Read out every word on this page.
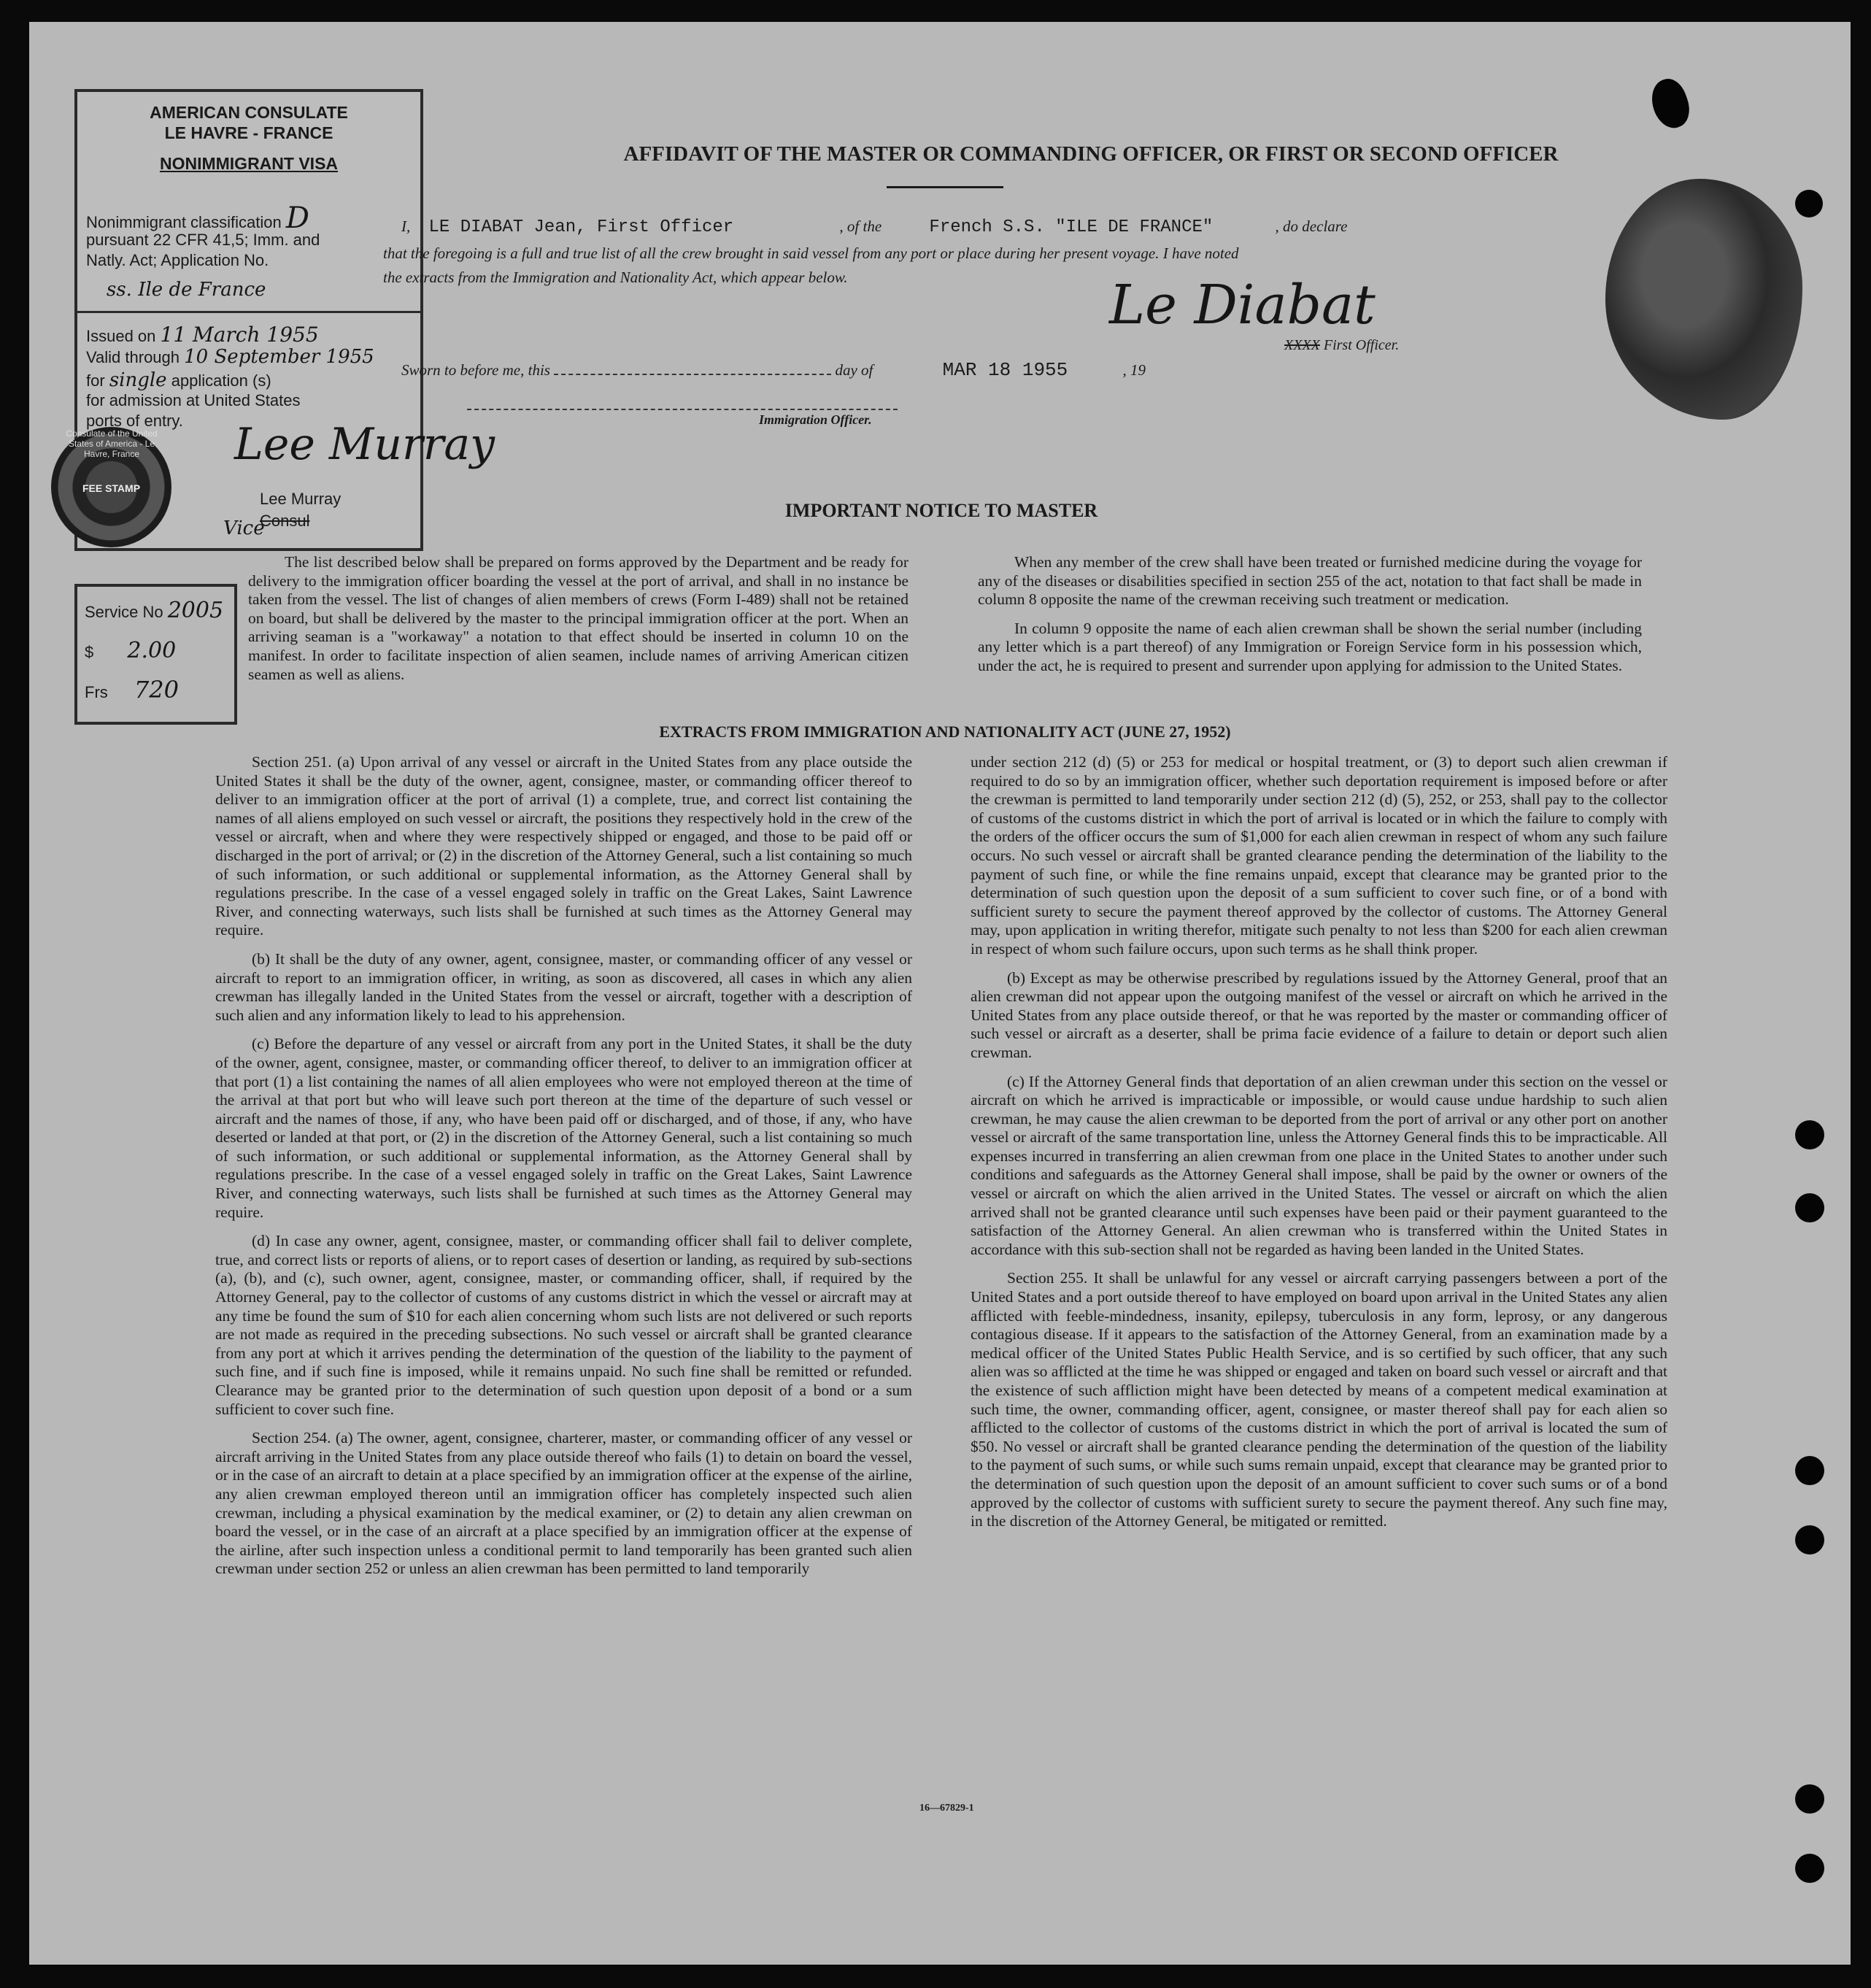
AMERICAN CONSULATE
LE HAVRE - FRANCE
NONIMMIGRANT VISA
Nonimmigrant classification D
pursuant 22 CFR 41,5; Imm. and
Natly. Act; Application No.
ss. Ile de France
Issued on 11 March 1955
Valid through 10 September 1955
for single application (s)
for admission at United States
ports of entry. Lee Murray
Lee Murray
Consul
Vice
Consulate of the United States of America - Le Havre, France
FEE STAMP
Service No 2005
$ 2.00
Frs 720
AFFIDAVIT OF THE MASTER OR COMMANDING OFFICER, OR FIRST OR SECOND OFFICER
I, LE DIABAT Jean, First Officer	, of the	French S.S. "ILE DE FRANCE"	, do declare
that the foregoing is a full and true list of all the crew brought in said vessel from any port or place during her present voyage. I have noted
the extracts from the Immigration and Nationality Act, which appear below.	Le Diabat
XXXX First Officer.
Sworn to before me, this	day of	MAR 18 1955	, 19
Immigration Officer.
IMPORTANT NOTICE TO MASTER

The list described below shall be prepared on forms approved by the Department and be ready for delivery to the immigration officer boarding the vessel at the port of arrival, and shall in no instance be taken from the vessel. The list of changes of alien members of crews (Form I-489) shall not be retained on board, but shall be delivered by the master to the principal immigration officer at the port. When an arriving seaman is a "workaway" a notation to that effect should be inserted in column 10 on the manifest. In order to facilitate inspection of alien seamen, include names of arriving American citizen seamen as well as aliens.

When any member of the crew shall have been treated or furnished medicine during the voyage for any of the diseases or disabilities specified in section 255 of the act, notation to that fact shall be made in column 8 opposite the name of the crewman receiving such treatment or medication.

In column 9 opposite the name of each alien crewman shall be shown the serial number (including any letter which is a part thereof) of any Immigration or Foreign Service form in his possession which, under the act, he is required to present and surrender upon applying for admission to the United States.

EXTRACTS FROM IMMIGRATION AND NATIONALITY ACT (JUNE 27, 1952)

Section 251. (a) Upon arrival of any vessel or aircraft in the United States from any place outside the United States it shall be the duty of the owner, agent, consignee, master, or commanding officer thereof to deliver to an immigration officer at the port of arrival (1) a complete, true, and correct list containing the names of all aliens employed on such vessel or aircraft, the positions they respectively hold in the crew of the vessel or aircraft, when and where they were respectively shipped or engaged, and those to be paid off or discharged in the port of arrival; or (2) in the discretion of the Attorney General, such a list containing so much of such information, or such additional or supplemental information, as the Attorney General shall by regulations prescribe. In the case of a vessel engaged solely in traffic on the Great Lakes, Saint Lawrence River, and connecting waterways, such lists shall be furnished at such times as the Attorney General may require.

(b) It shall be the duty of any owner, agent, consignee, master, or commanding officer of any vessel or aircraft to report to an immigration officer, in writing, as soon as discovered, all cases in which any alien crewman has illegally landed in the United States from the vessel or aircraft, together with a description of such alien and any information likely to lead to his apprehension.

(c) Before the departure of any vessel or aircraft from any port in the United States, it shall be the duty of the owner, agent, consignee, master, or commanding officer thereof, to deliver to an immigration officer at that port (1) a list containing the names of all alien employees who were not employed thereon at the time of the arrival at that port but who will leave such port thereon at the time of the departure of such vessel or aircraft and the names of those, if any, who have been paid off or discharged, and of those, if any, who have deserted or landed at that port, or (2) in the discretion of the Attorney General, such a list containing so much of such information, or such additional or supplemental information, as the Attorney General shall by regulations prescribe. In the case of a vessel engaged solely in traffic on the Great Lakes, Saint Lawrence River, and connecting waterways, such lists shall be furnished at such times as the Attorney General may require.

(d) In case any owner, agent, consignee, master, or commanding officer shall fail to deliver complete, true, and correct lists or reports of aliens, or to report cases of desertion or landing, as required by sub-sections (a), (b), and (c), such owner, agent, consignee, master, or commanding officer, shall, if required by the Attorney General, pay to the collector of customs of any customs district in which the vessel or aircraft may at any time be found the sum of $10 for each alien concerning whom such lists are not delivered or such reports are not made as required in the preceding subsections. No such vessel or aircraft shall be granted clearance from any port at which it arrives pending the determination of the question of the liability to the payment of such fine, and if such fine is imposed, while it remains unpaid. No such fine shall be remitted or refunded. Clearance may be granted prior to the determination of such question upon deposit of a bond or a sum sufficient to cover such fine.

Section 254. (a) The owner, agent, consignee, charterer, master, or commanding officer of any vessel or aircraft arriving in the United States from any place outside thereof who fails (1) to detain on board the vessel, or in the case of an aircraft to detain at a place specified by an immigration officer at the expense of the airline, any alien crewman employed thereon until an immigration officer has completely inspected such alien crewman, including a physical examination by the medical examiner, or (2) to detain any alien crewman on board the vessel, or in the case of an aircraft at a place specified by an immigration officer at the expense of the airline, after such inspection unless a conditional permit to land temporarily has been granted such alien crewman under section 252 or unless an alien crewman has been permitted to land temporarily

under section 212 (d) (5) or 253 for medical or hospital treatment, or (3) to deport such alien crewman if required to do so by an immigration officer, whether such deportation requirement is imposed before or after the crewman is permitted to land temporarily under section 212 (d) (5), 252, or 253, shall pay to the collector of customs of the customs district in which the port of arrival is located or in which the failure to comply with the orders of the officer occurs the sum of $1,000 for each alien crewman in respect of whom any such failure occurs. No such vessel or aircraft shall be granted clearance pending the determination of the liability to the payment of such fine, or while the fine remains unpaid, except that clearance may be granted prior to the determination of such question upon the deposit of a sum sufficient to cover such fine, or of a bond with sufficient surety to secure the payment thereof approved by the collector of customs. The Attorney General may, upon application in writing therefor, mitigate such penalty to not less than $200 for each alien crewman in respect of whom such failure occurs, upon such terms as he shall think proper.

(b) Except as may be otherwise prescribed by regulations issued by the Attorney General, proof that an alien crewman did not appear upon the outgoing manifest of the vessel or aircraft on which he arrived in the United States from any place outside thereof, or that he was reported by the master or commanding officer of such vessel or aircraft as a deserter, shall be prima facie evidence of a failure to detain or deport such alien crewman.

(c) If the Attorney General finds that deportation of an alien crewman under this section on the vessel or aircraft on which he arrived is impracticable or impossible, or would cause undue hardship to such alien crewman, he may cause the alien crewman to be deported from the port of arrival or any other port on another vessel or aircraft of the same transportation line, unless the Attorney General finds this to be impracticable. All expenses incurred in transferring an alien crewman from one place in the United States to another under such conditions and safeguards as the Attorney General shall impose, shall be paid by the owner or owners of the vessel or aircraft on which the alien arrived in the United States. The vessel or aircraft on which the alien arrived shall not be granted clearance until such expenses have been paid or their payment guaranteed to the satisfaction of the Attorney General. An alien crewman who is transferred within the United States in accordance with this sub-section shall not be regarded as having been landed in the United States.

Section 255. It shall be unlawful for any vessel or aircraft carrying passengers between a port of the United States and a port outside thereof to have employed on board upon arrival in the United States any alien afflicted with feeble-mindedness, insanity, epilepsy, tuberculosis in any form, leprosy, or any dangerous contagious disease. If it appears to the satisfaction of the Attorney General, from an examination made by a medical officer of the United States Public Health Service, and is so certified by such officer, that any such alien was so afflicted at the time he was shipped or engaged and taken on board such vessel or aircraft and that the existence of such affliction might have been detected by means of a competent medical examination at such time, the owner, commanding officer, agent, consignee, or master thereof shall pay for each alien so afflicted to the collector of customs of the customs district in which the port of arrival is located the sum of $50. No vessel or aircraft shall be granted clearance pending the determination of the question of the liability to the payment of such sums, or while such sums remain unpaid, except that clearance may be granted prior to the determination of such question upon the deposit of an amount sufficient to cover such sums or of a bond approved by the collector of customs with sufficient surety to secure the payment thereof. Any such fine may, in the discretion of the Attorney General, be mitigated or remitted.

16—67829-1
